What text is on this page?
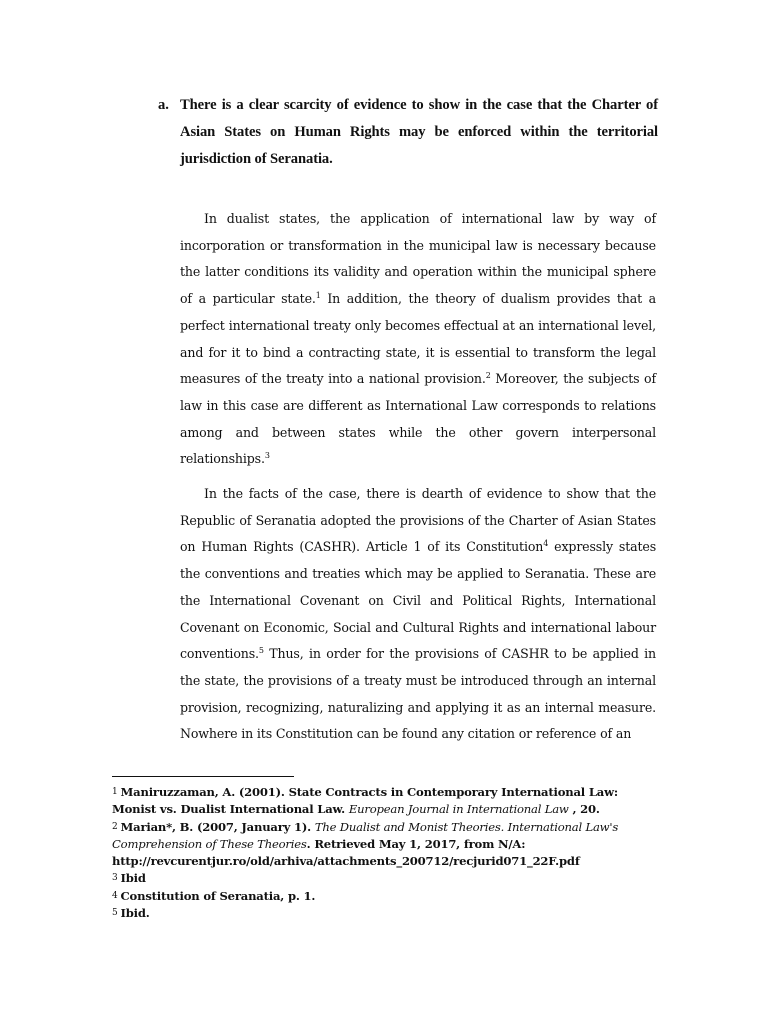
a. There is a clear scarcity of evidence to show in the case that the Charter of Asian States on Human Rights may be enforced within the territorial jurisdiction of Seranatia.

In dualist states, the application of international law by way of incorporation or transformation in the municipal law is necessary because the latter conditions its validity and operation within the municipal sphere of a particular state.$^1$ In addition, the theory of dualism provides that a perfect international treaty only becomes effectual at an international level, and for it to bind a contracting state, it is essential to transform the legal measures of the treaty into a national provision.$^2$ Moreover, the subjects of law in this case are different as International Law corresponds to relations among and between states while the other govern interpersonal relationships.$^3$

In the facts of the case, there is dearth of evidence to show that the Republic of Seranatia adopted the provisions of the Charter of Asian States on Human Rights (CASHR). Article 1 of its Constitution$^4$ expressly states the conventions and treaties which may be applied to Seranatia. These are the International Covenant on Civil and Political Rights, International Covenant on Economic, Social and Cultural Rights and international labour conventions.$^5$ Thus, in order for the provisions of CASHR to be applied in the state, the provisions of a treaty must be introduced through an internal provision, recognizing, naturalizing and applying it as an internal measure. Nowhere in its Constitution can be found any citation or reference of an

$^1$ Maniruzzaman, A. (2001). State Contracts in Contemporary International Law: Monist vs. Dualist International Law. European Journal in International Law , 20.
$^2$ Marian*, B. (2007, January 1). The Dualist and Monist Theories. International Law's Comprehension of These Theories. Retrieved May 1, 2017, from N/A: http://revcurentjur.ro/old/arhiva/attachments_200712/recjurid071_22F.pdf
$^3$ Ibid
$^4$ Constitution of Seranatia, p. 1.
$^5$ Ibid.
